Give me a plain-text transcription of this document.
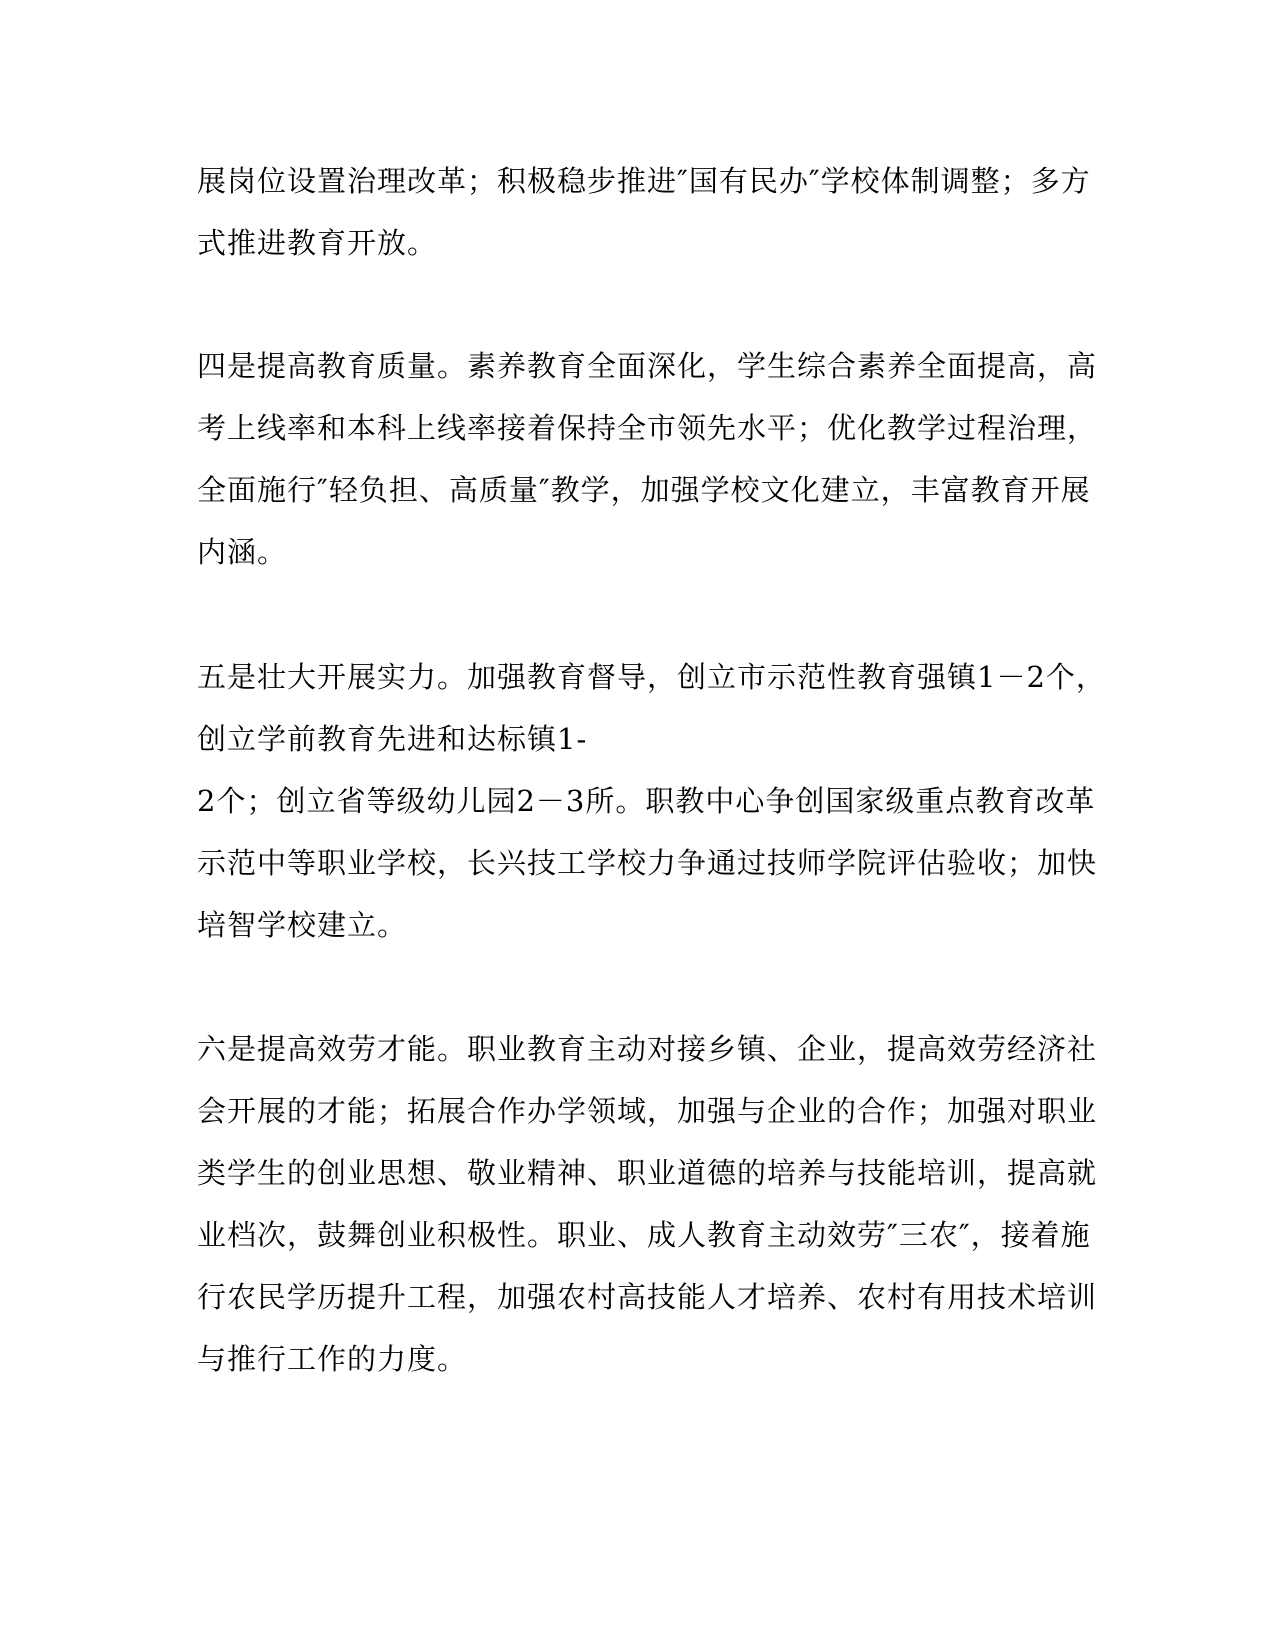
展岗位设置治理改革；积极稳步推进″国有民办″学校体制调整；多方
式推进教育开放。
四是提高教育质量。素养教育全面深化，学生综合素养全面提高，高
考上线率和本科上线率接着保持全市领先水平；优化教学过程治理，
全面施行″轻负担、高质量″教学，加强学校文化建立，丰富教育开展
内涵。
五是壮大开展实力。加强教育督导，创立市示范性教育强镇1－2个，
创立学前教育先进和达标镇1-
2个；创立省等级幼儿园2－3所。职教中心争创国家级重点教育改革
示范中等职业学校，长兴技工学校力争通过技师学院评估验收；加快
培智学校建立。
六是提高效劳才能。职业教育主动对接乡镇、企业，提高效劳经济社
会开展的才能；拓展合作办学领域，加强与企业的合作；加强对职业
类学生的创业思想、敬业精神、职业道德的培养与技能培训，提高就
业档次，鼓舞创业积极性。职业、成人教育主动效劳″三农″，接着施
行农民学历提升工程，加强农村高技能人才培养、农村有用技术培训
与推行工作的力度。
